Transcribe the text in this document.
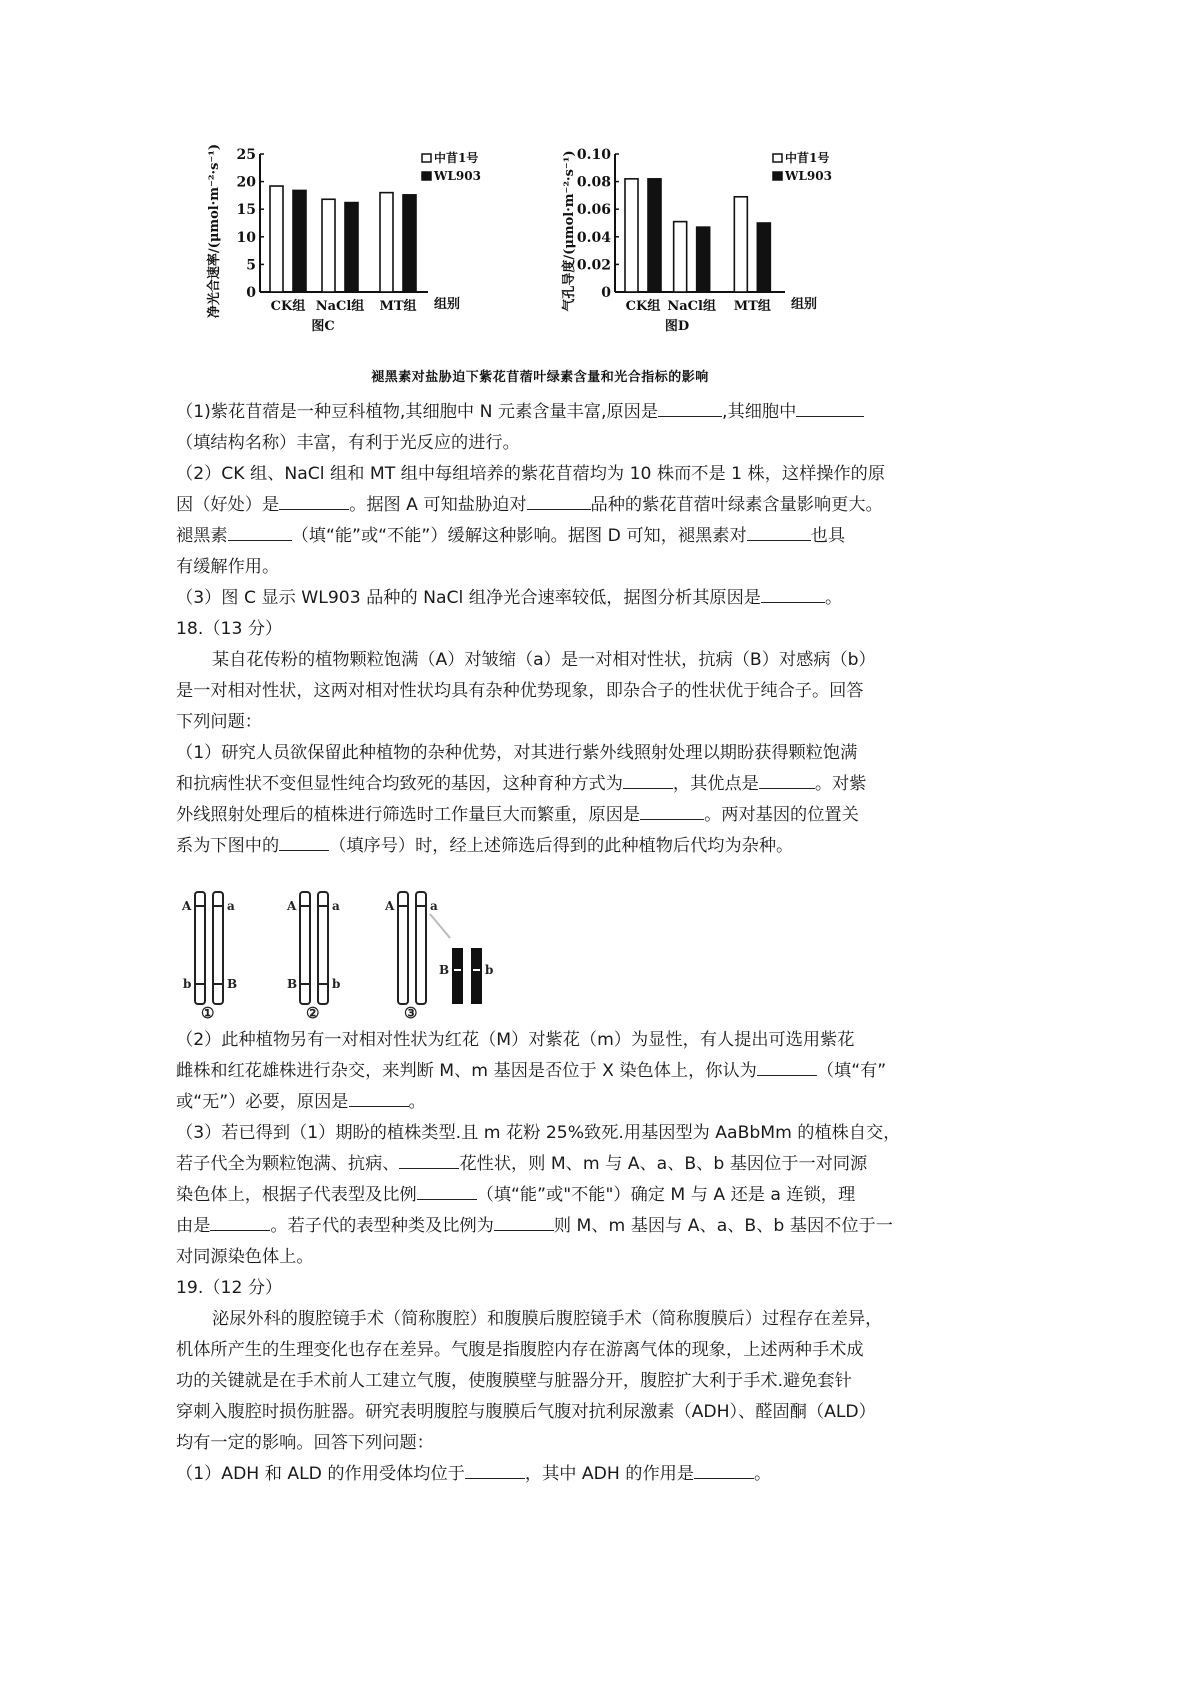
0
5
10
15
20
25
净光合速率/(μmol·m⁻²·s⁻¹)	CK组 NaCl组 MT组 组别
图C
中苜1号
WL903
0
0.02
0.04
0.06
0.08
0.10
气孔导度/(μmol·m⁻²·s⁻¹)	CK组 NaCl组 MT组 组别
图D
中苜1号
WL903
褪黑素对盐胁迫下紫花苜蓿叶绿素含量和光合指标的影响

（1)紫花苜蓿是一种豆科植物,其细胞中 N 元素含量丰富,原因是	,其细胞中

（填结构名称）丰富，有利于光反应的进行。

（2）CK 组、NaCl 组和 MT 组中每组培养的紫花苜蓿均为 10 株而不是 1 株，这样操作的原

因（好处）是	。据图 A 可知盐胁迫对	品种的紫花苜蓿叶绿素含量影响更大。

褪黑素	（填“能”或“不能”）缓解这种影响。据图 D 可知，褪黑素对	也具

有缓解作用。

（3）图 C 显示 WL903 品种的 NaCl 组净光合速率较低，据图分析其原因是	。

18.（13 分）

某自花传粉的植物颗粒饱满（A）对皱缩（a）是一对相对性状，抗病（B）对感病（b）

是一对相对性状，这两对相对性状均具有杂种优势现象，即杂合子的性状优于纯合子。回答

下列问题：

（1）研究人员欲保留此种植物的杂种优势，对其进行紫外线照射处理以期盼获得颗粒饱满

和抗病性状不变但显性纯合均致死的基因，这种育种方式为	，其优点是	。对紫

外线照射处理后的植株进行筛选时工作量巨大而繁重，原因是	。两对基因的位置关

系为下图中的	（填序号）时，经上述筛选后得到的此种植物后代均为杂种。

A	a
b	B
①
A	a
B	b
②
A	a
B	b
③

（2）此种植物另有一对相对性状为红花（M）对紫花（m）为显性，有人提出可选用紫花

雌株和红花雄株进行杂交，来判断 M、m 基因是否位于 X 染色体上，你认为	（填“有”

或“无”）必要，原因是	。

（3）若已得到（1）期盼的植株类型.且 m 花粉 25%致死.用基因型为 AaBbMm 的植株自交，

若子代全为颗粒饱满、抗病、	花性状，则 M、m 与 A、a、B、b 基因位于一对同源

染色体上，根据子代表型及比例	（填“能”或"不能"）确定 M 与 A 还是 a 连锁，理

由是	。若子代的表型种类及比例为	则 M、m 基因与 A、a、B、b 基因不位于一

对同源染色体上。

19.（12 分）

泌尿外科的腹腔镜手术（简称腹腔）和腹膜后腹腔镜手术（简称腹膜后）过程存在差异，

机体所产生的生理变化也存在差异。气腹是指腹腔内存在游离气体的现象，上述两种手术成

功的关键就是在手术前人工建立气腹，使腹膜壁与脏器分开，腹腔扩大利于手术.避免套针

穿刺入腹腔时损伤脏器。研究表明腹腔与腹膜后气腹对抗利尿激素（ADH）、醛固酮（ALD）

均有一定的影响。回答下列问题：

（1）ADH 和 ALD 的作用受体均位于	，其中 ADH 的作用是	。
